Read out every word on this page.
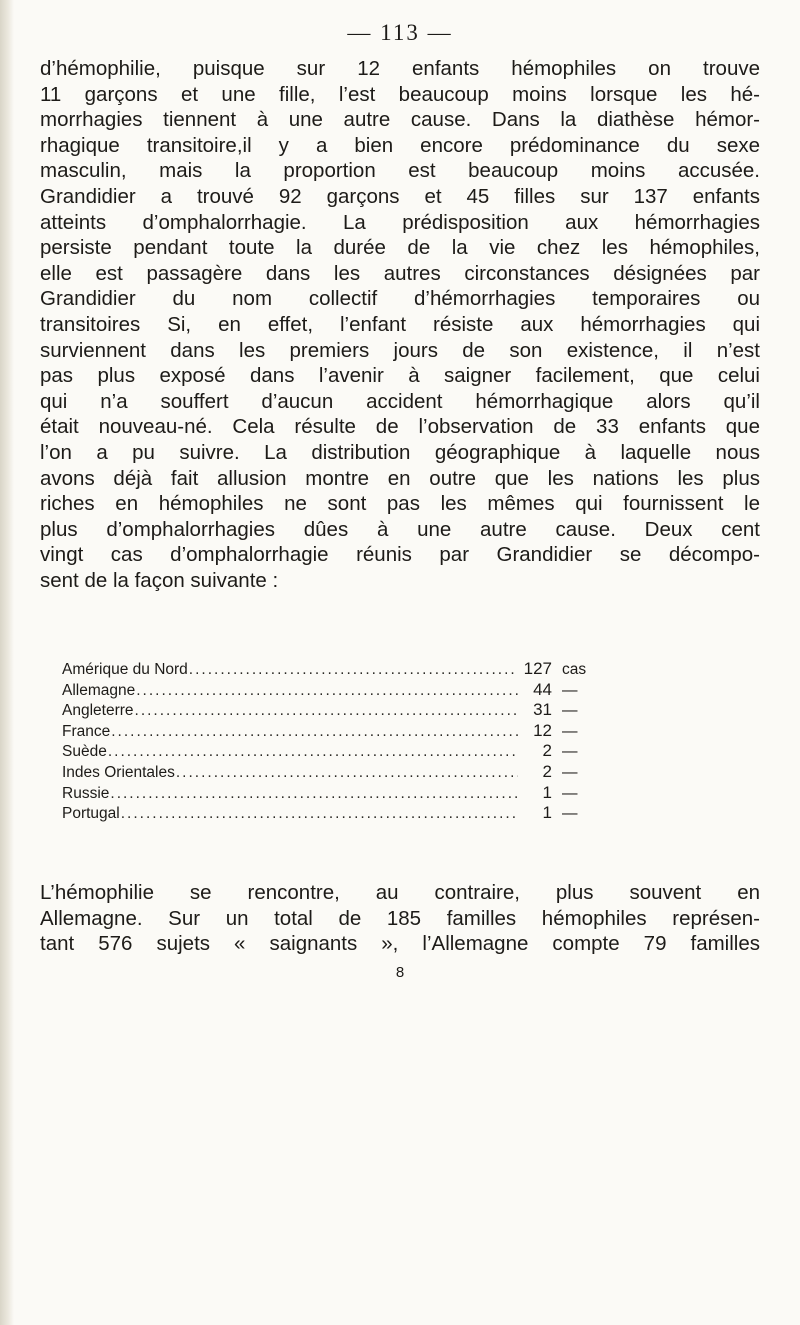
— 113 —
d’hémophilie, puisque sur 12 enfants hémophiles on trouve
11 garçons et une fille, l’est beaucoup moins lorsque les hé-
morrhagies tiennent à une autre cause. Dans la diathèse hémor-
rhagique transitoire,il y a bien encore prédominance du sexe
masculin, mais la proportion est beaucoup moins accusée.
Grandidier a trouvé 92 garçons et 45 filles sur 137 enfants
atteints d’omphalorrhagie. La prédisposition aux hémorrhagies
persiste pendant toute la durée de la vie chez les hémophiles,
elle est passagère dans les autres circonstances désignées par
Grandidier du nom collectif d’hémorrhagies temporaires ou
transitoires Si, en effet, l’enfant résiste aux hémorrhagies qui
surviennent dans les premiers jours de son existence, il n’est
pas plus exposé dans l’avenir à saigner facilement, que celui
qui n’a souffert d’aucun accident hémorrhagique alors qu’il
était nouveau-né. Cela résulte de l’observation de 33 enfants que
l’on a pu suivre. La distribution géographique à laquelle nous
avons déjà fait allusion montre en outre que les nations les plus
riches en hémophiles ne sont pas les mêmes qui fournissent le
plus d’omphalorrhagies dûes à une autre cause. Deux cent
vingt cas d’omphalorrhagie réunis par Grandidier se décompo-
sent de la façon suivante :
Amérique du Nord .....	127 cas
Allemagne .....	44 —
Angleterre .....	31 —
France .....	12 —
Suède .....	2 —
Indes Orientales .....	2 —
Russie .....	1 —
Portugal .....	1 —
L’hémophilie se rencontre, au contraire, plus souvent en
Allemagne. Sur un total de 185 familles hémophiles représen-
tant 576 sujets « saignants », l’Allemagne compte 79 familles
8
